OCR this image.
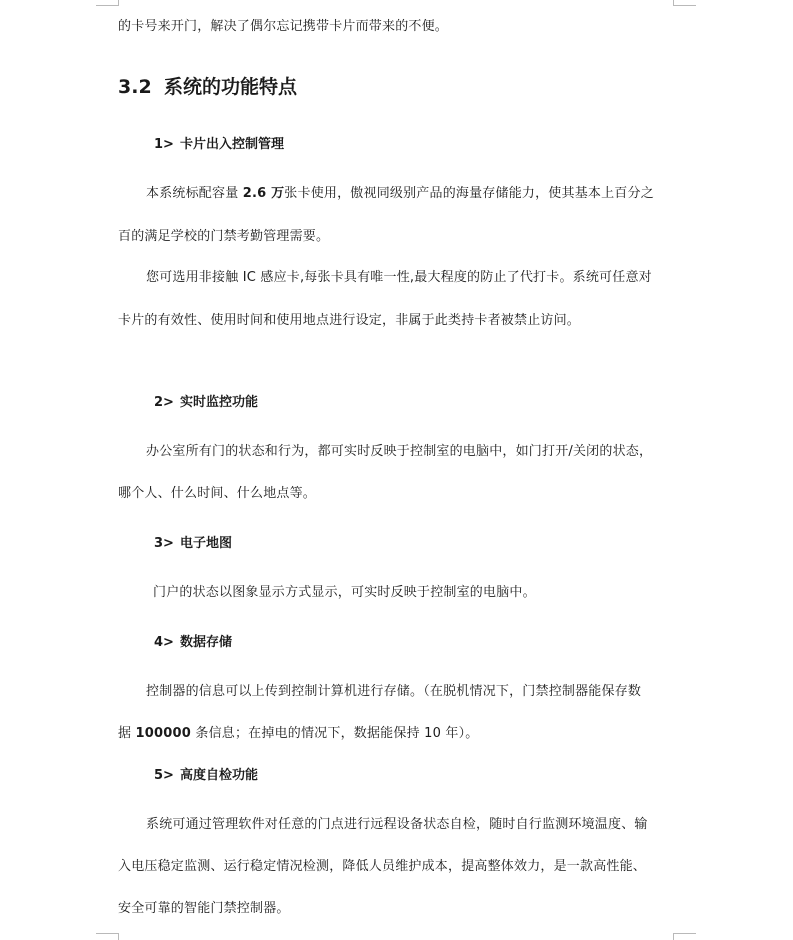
的卡号来开门，解决了偶尔忘记携带卡片而带来的不便。
3.2 系统的功能特点
1> 卡片出入控制管理
本系统标配容量 2.6 万张卡使用，傲视同级别产品的海量存储能力，使其基本上百分之
百的满足学校的门禁考勤管理需要。
您可选用非接触 IC 感应卡,每张卡具有唯一性,最大程度的防止了代打卡。系统可任意对
卡片的有效性、使用时间和使用地点进行设定，非属于此类持卡者被禁止访问。
2> 实时监控功能
办公室所有门的状态和行为，都可实时反映于控制室的电脑中，如门打开/关闭的状态，
哪个人、什么时间、什么地点等。
3> 电子地图
门户的状态以图象显示方式显示，可实时反映于控制室的电脑中。
4> 数据存储
控制器的信息可以上传到控制计算机进行存储。（在脱机情况下，门禁控制器能保存数
据 100000 条信息；在掉电的情况下，数据能保持 10 年）。
5> 高度自检功能
系统可通过管理软件对任意的门点进行远程设备状态自检，随时自行监测环境温度、输
入电压稳定监测、运行稳定情况检测，降低人员维护成本，提高整体效力，是一款高性能、
安全可靠的智能门禁控制器。
